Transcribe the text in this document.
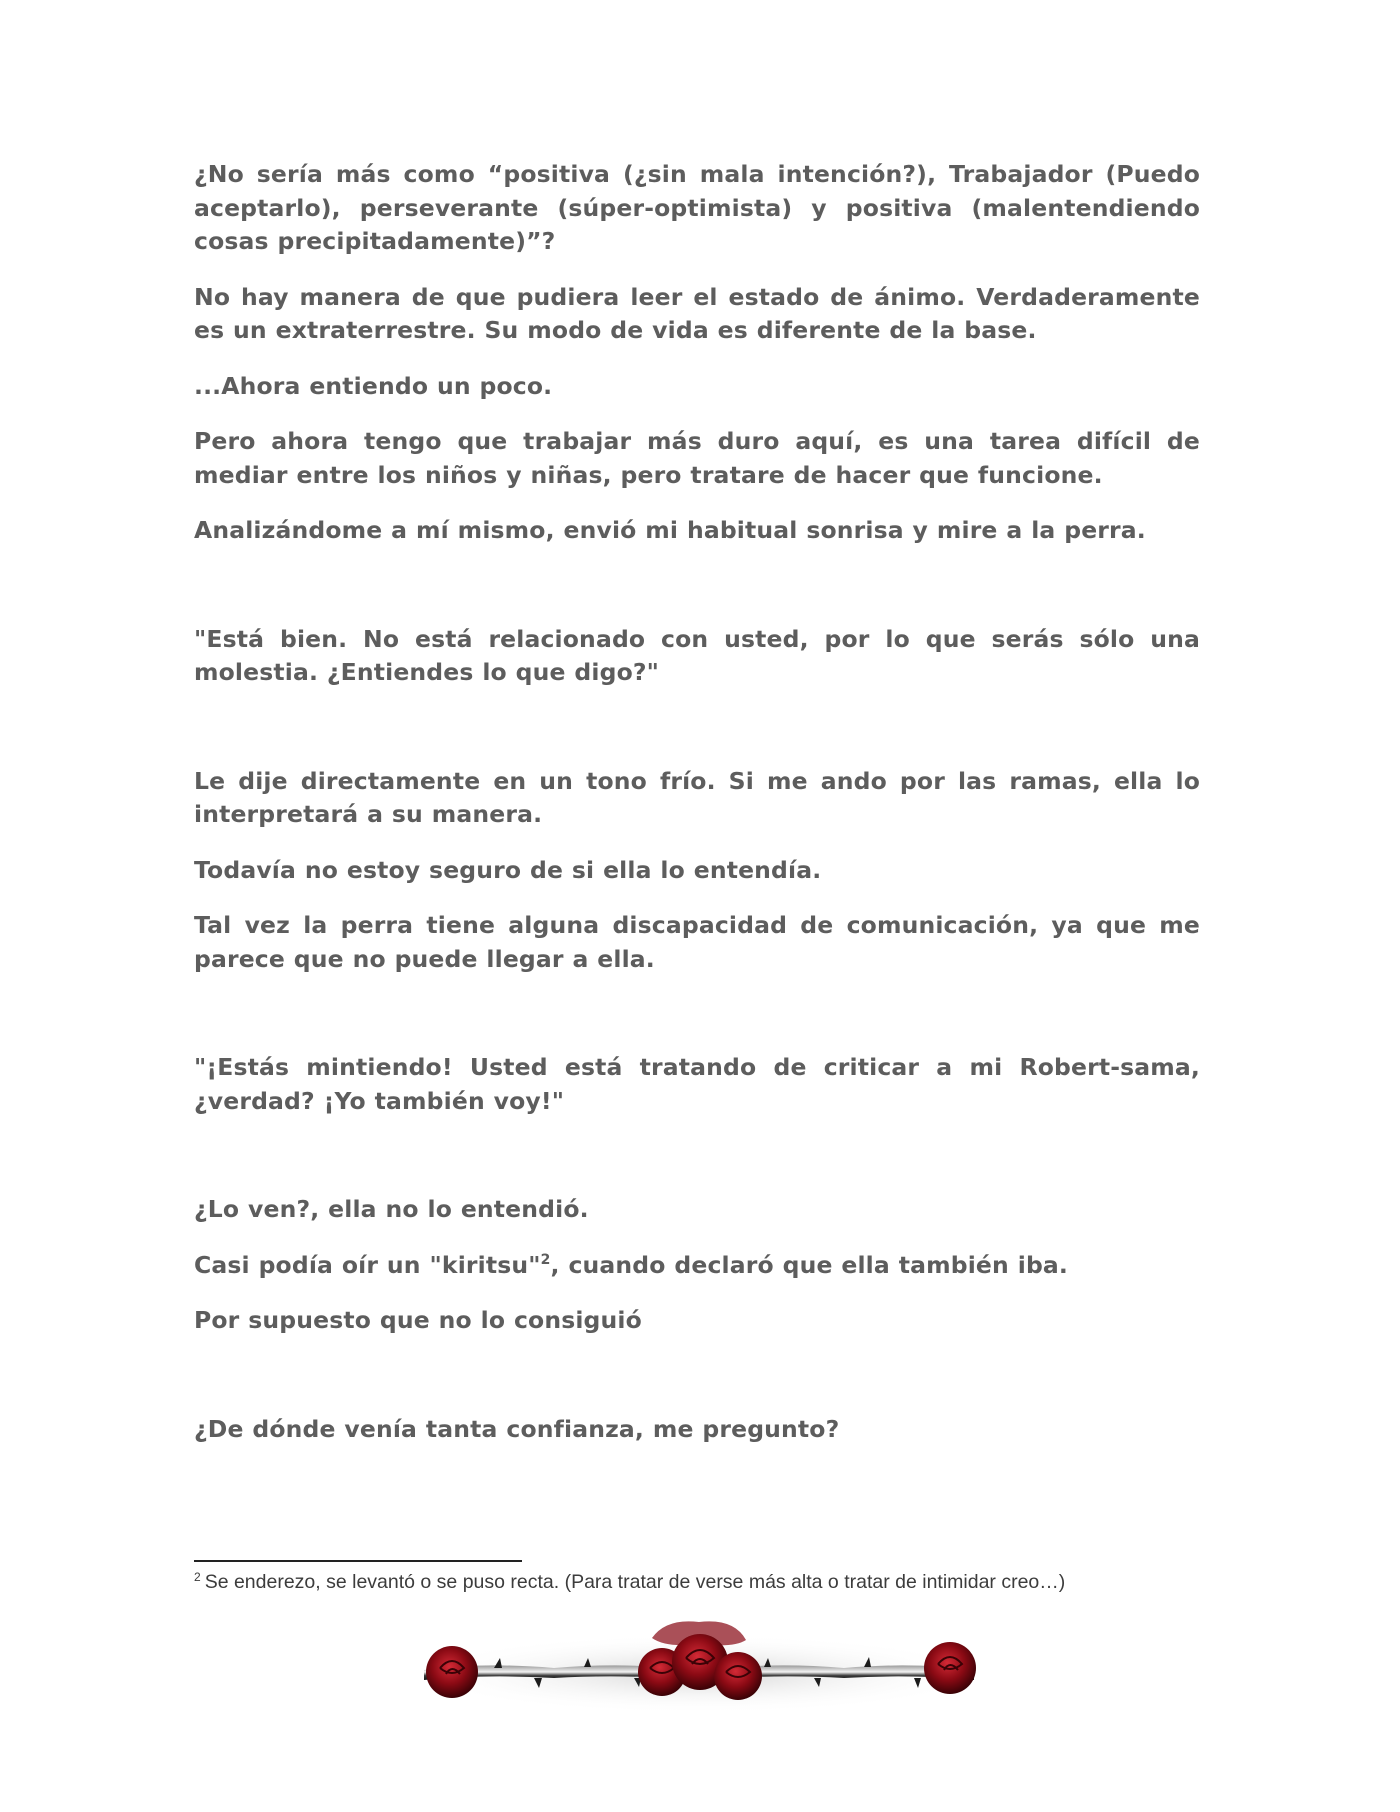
¿No sería más como “positiva (¿sin mala intención?), Trabajador (Puedo aceptarlo), perseverante (súper-optimista) y positiva (malentendiendo cosas precipitadamente)”?

No hay manera de que pudiera leer el estado de ánimo. Verdaderamente es un extraterrestre. Su modo de vida es diferente de la base.

...Ahora entiendo un poco.

Pero ahora tengo que trabajar más duro aquí, es una tarea difícil de mediar entre los niños y niñas, pero tratare de hacer que funcione.

Analizándome a mí mismo, envió mi habitual sonrisa y mire a la perra.

"Está bien. No está relacionado con usted, por lo que serás sólo una molestia. ¿Entiendes lo que digo?"

Le dije directamente en un tono frío. Si me ando por las ramas, ella lo interpretará a su manera.

Todavía no estoy seguro de si ella lo entendía.

Tal vez la perra tiene alguna discapacidad de comunicación, ya que me parece que no puede llegar a ella.

"¡Estás mintiendo! Usted está tratando de criticar a mi Robert-sama, ¿verdad? ¡Yo también voy!"

¿Lo ven?, ella no lo entendió.

Casi podía oír un "kiritsu"$^2$, cuando declaró que ella también iba.

Por supuesto que no lo consiguió

¿De dónde venía tanta confianza, me pregunto?

$^2$ Se enderezo, se levantó o se puso recta. (Para tratar de verse más alta o tratar de intimidar creo…)
